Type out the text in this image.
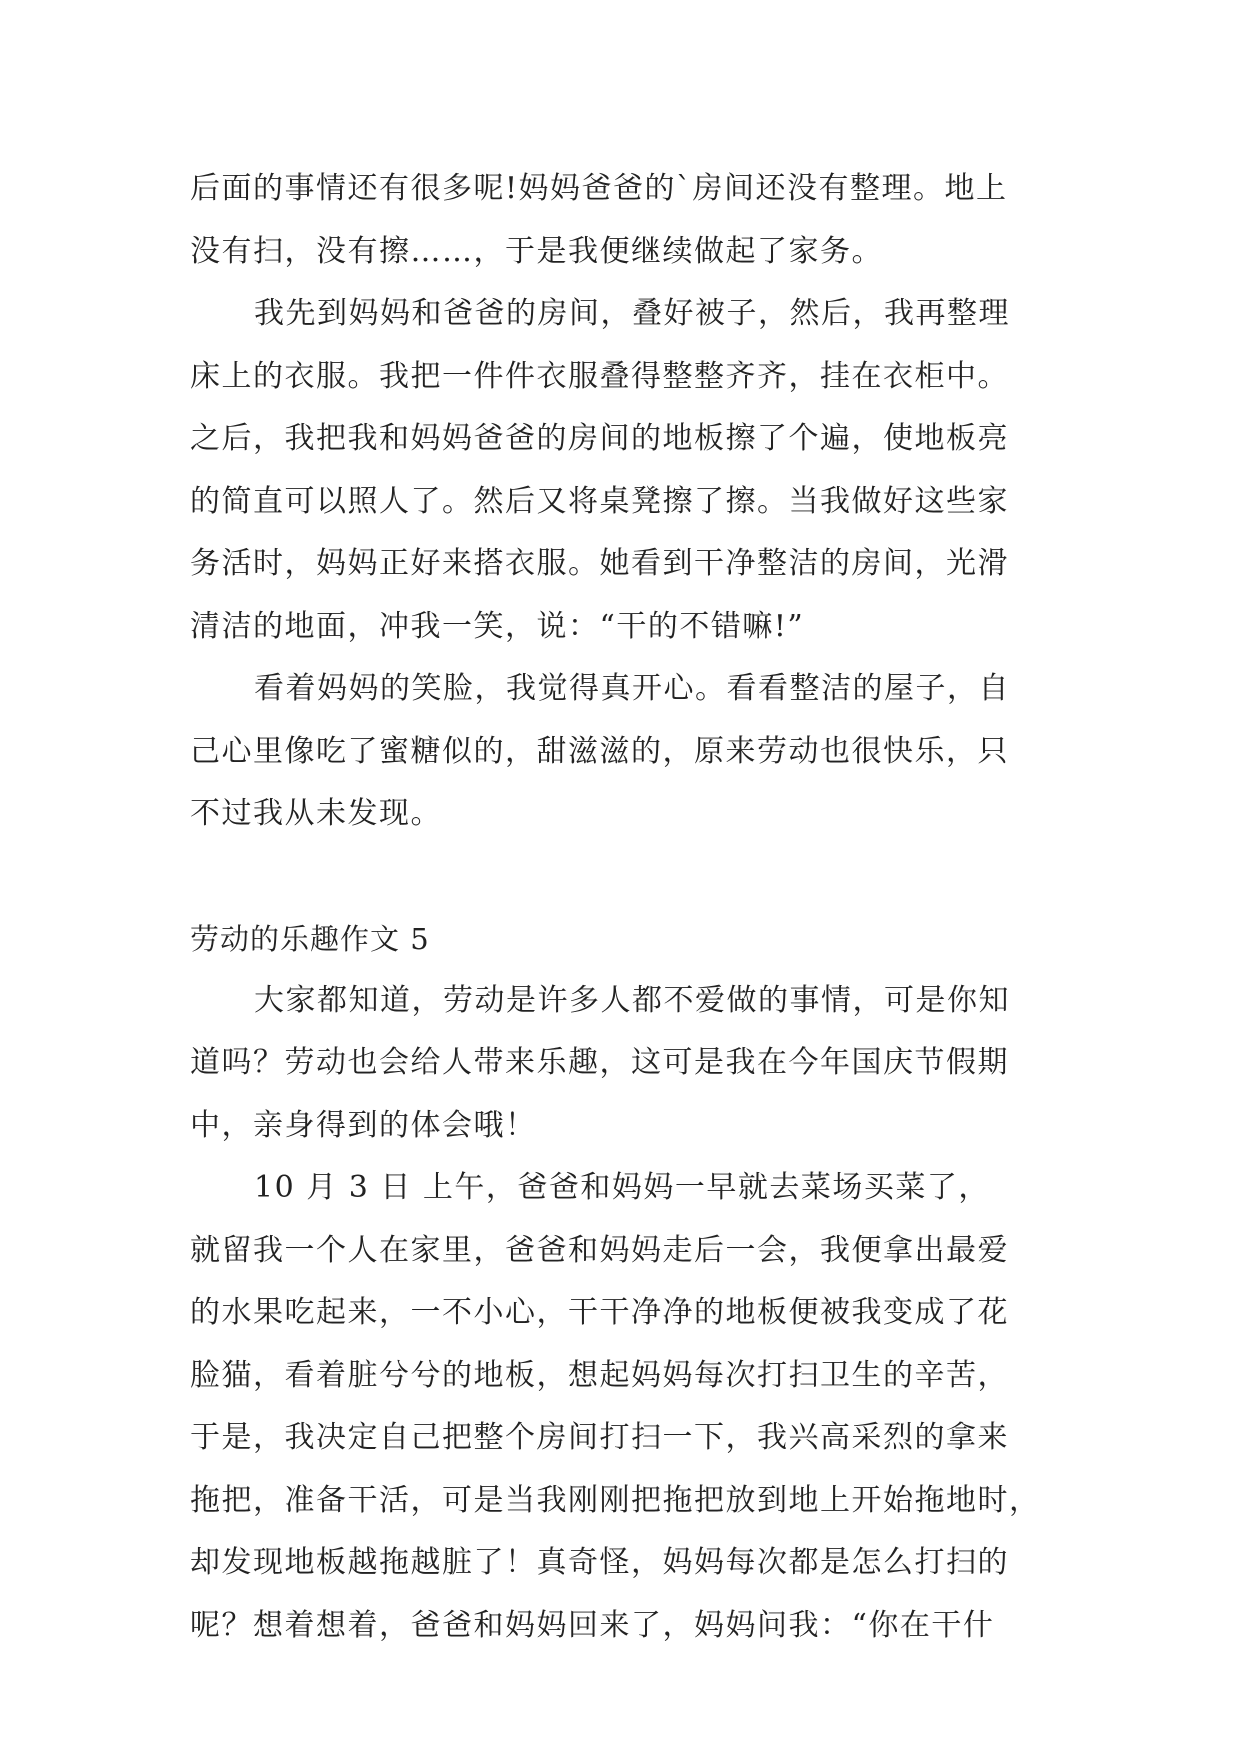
后面的事情还有很多呢!妈妈爸爸的`房间还没有整理。地上
没有扫，没有擦……，于是我便继续做起了家务。
我先到妈妈和爸爸的房间，叠好被子，然后，我再整理
床上的衣服。我把一件件衣服叠得整整齐齐，挂在衣柜中。
之后，我把我和妈妈爸爸的房间的地板擦了个遍，使地板亮
的简直可以照人了。然后又将桌凳擦了擦。当我做好这些家
务活时，妈妈正好来搭衣服。她看到干净整洁的房间，光滑
清洁的地面，冲我一笑，说：“干的不错嘛!”
看着妈妈的笑脸，我觉得真开心。看看整洁的屋子，自
己心里像吃了蜜糖似的，甜滋滋的，原来劳动也很快乐，只
不过我从未发现。
劳动的乐趣作文 5
大家都知道，劳动是许多人都不爱做的事情，可是你知
道吗？劳动也会给人带来乐趣，这可是我在今年国庆节假期
中，亲身得到的体会哦！
10 月 3 日 上午，爸爸和妈妈一早就去菜场买菜了，
就留我一个人在家里，爸爸和妈妈走后一会，我便拿出最爱
的水果吃起来，一不小心，干干净净的地板便被我变成了花
脸猫，看着脏兮兮的地板，想起妈妈每次打扫卫生的辛苦，
于是，我决定自己把整个房间打扫一下，我兴高采烈的拿来
拖把，准备干活，可是当我刚刚把拖把放到地上开始拖地时，
却发现地板越拖越脏了！真奇怪，妈妈每次都是怎么打扫的
呢？想着想着，爸爸和妈妈回来了，妈妈问我：“你在干什
